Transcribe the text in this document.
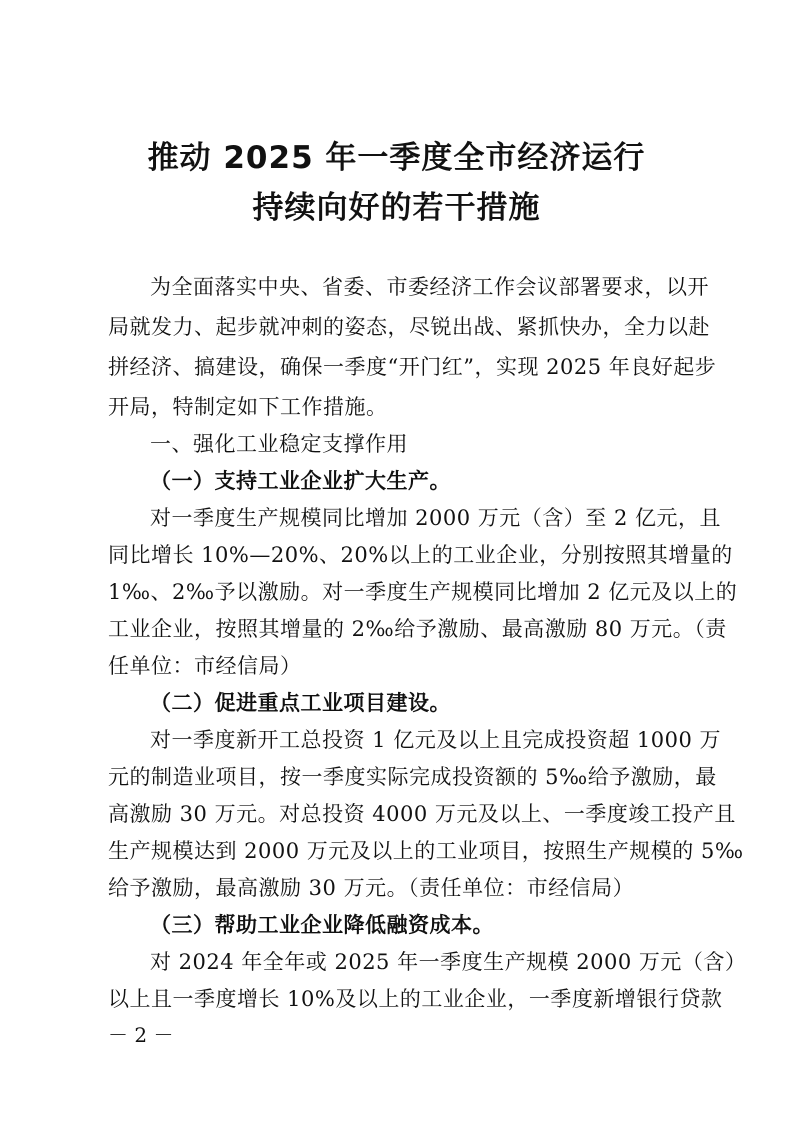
推动 2025 年一季度全市经济运行
持续向好的若干措施
为全面落实中央、省委、市委经济工作会议部署要求，以开
局就发力、起步就冲刺的姿态，尽锐出战、紧抓快办，全力以赴
拼经济、搞建设，确保一季度“开门红”，实现 2025 年良好起步
开局，特制定如下工作措施。
一、强化工业稳定支撑作用
（一）支持工业企业扩大生产。
对一季度生产规模同比增加 2000 万元（含）至 2 亿元，且
同比增长 10%—20%、20%以上的工业企业，分别按照其增量的
1‰、2‰予以激励。对一季度生产规模同比增加 2 亿元及以上的
工业企业，按照其增量的 2‰给予激励、最高激励 80 万元。（责
任单位：市经信局）
（二）促进重点工业项目建设。
对一季度新开工总投资 1 亿元及以上且完成投资超 1000 万
元的制造业项目，按一季度实际完成投资额的 5‰给予激励，最
高激励 30 万元。对总投资 4000 万元及以上、一季度竣工投产且
生产规模达到 2000 万元及以上的工业项目，按照生产规模的 5‰
给予激励，最高激励 30 万元。（责任单位：市经信局）
（三）帮助工业企业降低融资成本。
对 2024 年全年或 2025 年一季度生产规模 2000 万元（含）
以上且一季度增长 10%及以上的工业企业，一季度新增银行贷款
－ 2 －
